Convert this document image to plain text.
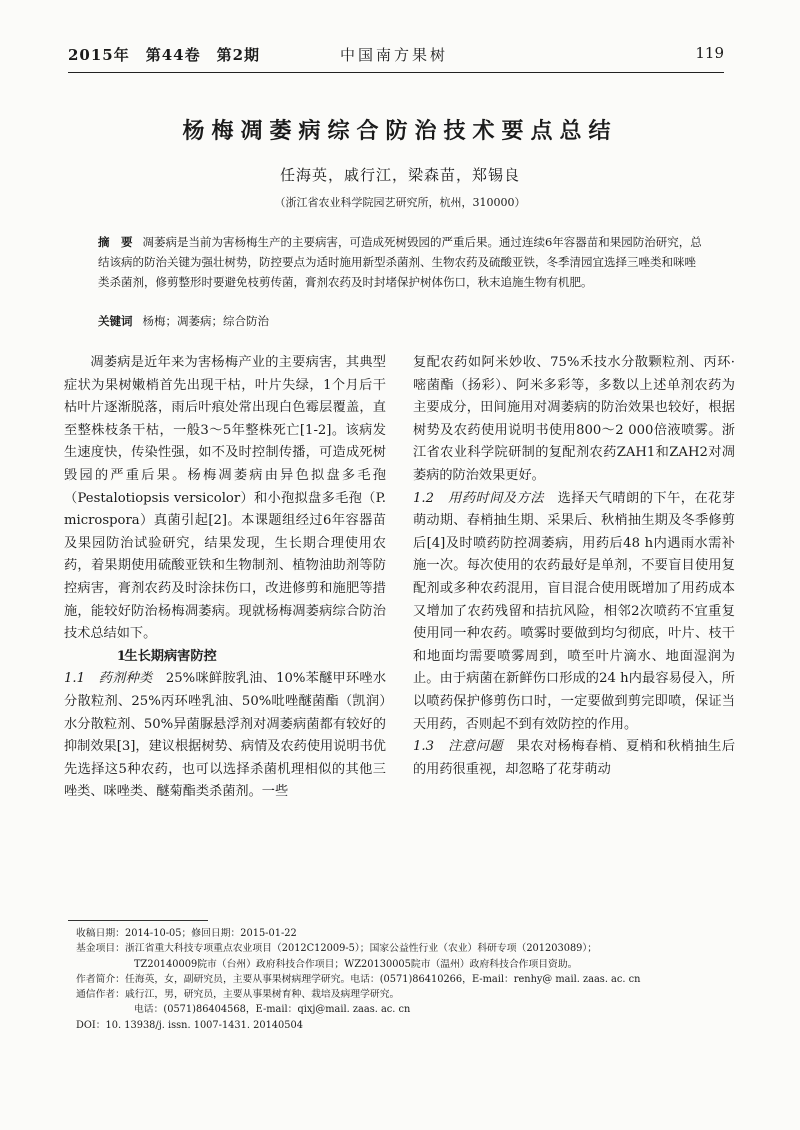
2015年　第44卷　第2期	中国南方果树	119
杨梅凋萎病综合防治技术要点总结
任海英，戚行江，梁森苗，郑锡良
（浙江省农业科学院园艺研究所，杭州，310000）
摘　要 凋萎病是当前为害杨梅生产的主要病害，可造成死树毁园的严重后果。通过连续6年容器苗和果园防治研究，总结该病的防治关键为强壮树势，防控要点为适时施用新型杀菌剂、生物农药及硫酸亚铁，冬季清园宜选择三唑类和咪唑类杀菌剂，修剪整形时要避免枝剪传菌，膏剂农药及时封堵保护树体伤口，秋末追施生物有机肥。
关键词 杨梅；凋萎病；综合防治

凋萎病是近年来为害杨梅产业的主要病害，其典型症状为果树嫩梢首先出现干枯，叶片失绿，1个月后干枯叶片逐渐脱落，雨后叶痕处常出现白色霉层覆盖，直至整株枝条干枯，一般3～5年整株死亡[1-2]。该病发生速度快，传染性强，如不及时控制传播，可造成死树毁园的严重后果。杨梅凋萎病由异色拟盘多毛孢（Pestalotiopsis versicolor）和小孢拟盘多毛孢（P. microspora）真菌引起[2]。本课题组经过6年容器苗及果园防治试验研究，结果发现，生长期合理使用农药，着果期使用硫酸亚铁和生物制剂、植物油助剂等防控病害，膏剂农药及时涂抹伤口，改进修剪和施肥等措施，能较好防治杨梅凋萎病。现就杨梅凋萎病综合防治技术总结如下。

1生长期病害防控

1.1　 药剂种类　 25%咪鲜胺乳油、10%苯醚甲环唑水分散粒剂、25%丙环唑乳油、50%吡唑醚菌酯（凯润）水分散粒剂、50%异菌脲悬浮剂对凋萎病菌都有较好的抑制效果[3]，建议根据树势、病情及农药使用说明书优先选择这5种农药，也可以选择杀菌机理相似的其他三唑类、咪唑类、醚菊酯类杀菌剂。一些

复配农药如阿米妙收、75%禾技水分散颗粒剂、丙环·嘧菌酯（扬彩）、阿米多彩等，多数以上述单剂农药为主要成分，田间施用对凋萎病的防治效果也较好，根据树势及农药使用说明书使用800～2 000倍液喷雾。浙江省农业科学院研制的复配剂农药ZAH1和ZAH2对凋萎病的防治效果更好。

1.2　 用药时间及方法　 选择天气晴朗的下午，在花芽萌动期、春梢抽生期、采果后、秋梢抽生期及冬季修剪后[4]及时喷药防控凋萎病，用药后48 h内遇雨水需补施一次。每次使用的农药最好是单剂，不要盲目使用复配剂或多种农药混用，盲目混合使用既增加了用药成本又增加了农药残留和拮抗风险，相邻2次喷药不宜重复使用同一种农药。喷雾时要做到均匀彻底，叶片、枝干和地面均需要喷雾周到，喷至叶片滴水、地面湿润为止。由于病菌在新鲜伤口形成的24 h内最容易侵入，所以喷药保护修剪伤口时，一定要做到剪完即喷，保证当天用药，否则起不到有效防控的作用。

1.3　 注意问题　 果农对杨梅春梢、夏梢和秋梢抽生后的用药很重视，却忽略了花芽萌动

收稿日期：2014-10-05；修回日期：2015-01-22
基金项目：浙江省重大科技专项重点农业项目（2012C12009-5）；国家公益性行业（农业）科研专项（201203089）；
TZ20140009院市（台州）政府科技合作项目；WZ20130005院市（温州）政府科技合作项目资助。
作者简介：任海英，女，副研究员，主要从事果树病理学研究。电话：(0571)86410266，E-mail：renhy@ mail. zaas. ac. cn
通信作者：戚行江，男，研究员，主要从事果树育种、栽培及病理学研究。
电话：(0571)86404568，E-mail：qixj@mail. zaas. ac. cn
DOI：10. 13938/j. issn. 1007-1431. 20140504
